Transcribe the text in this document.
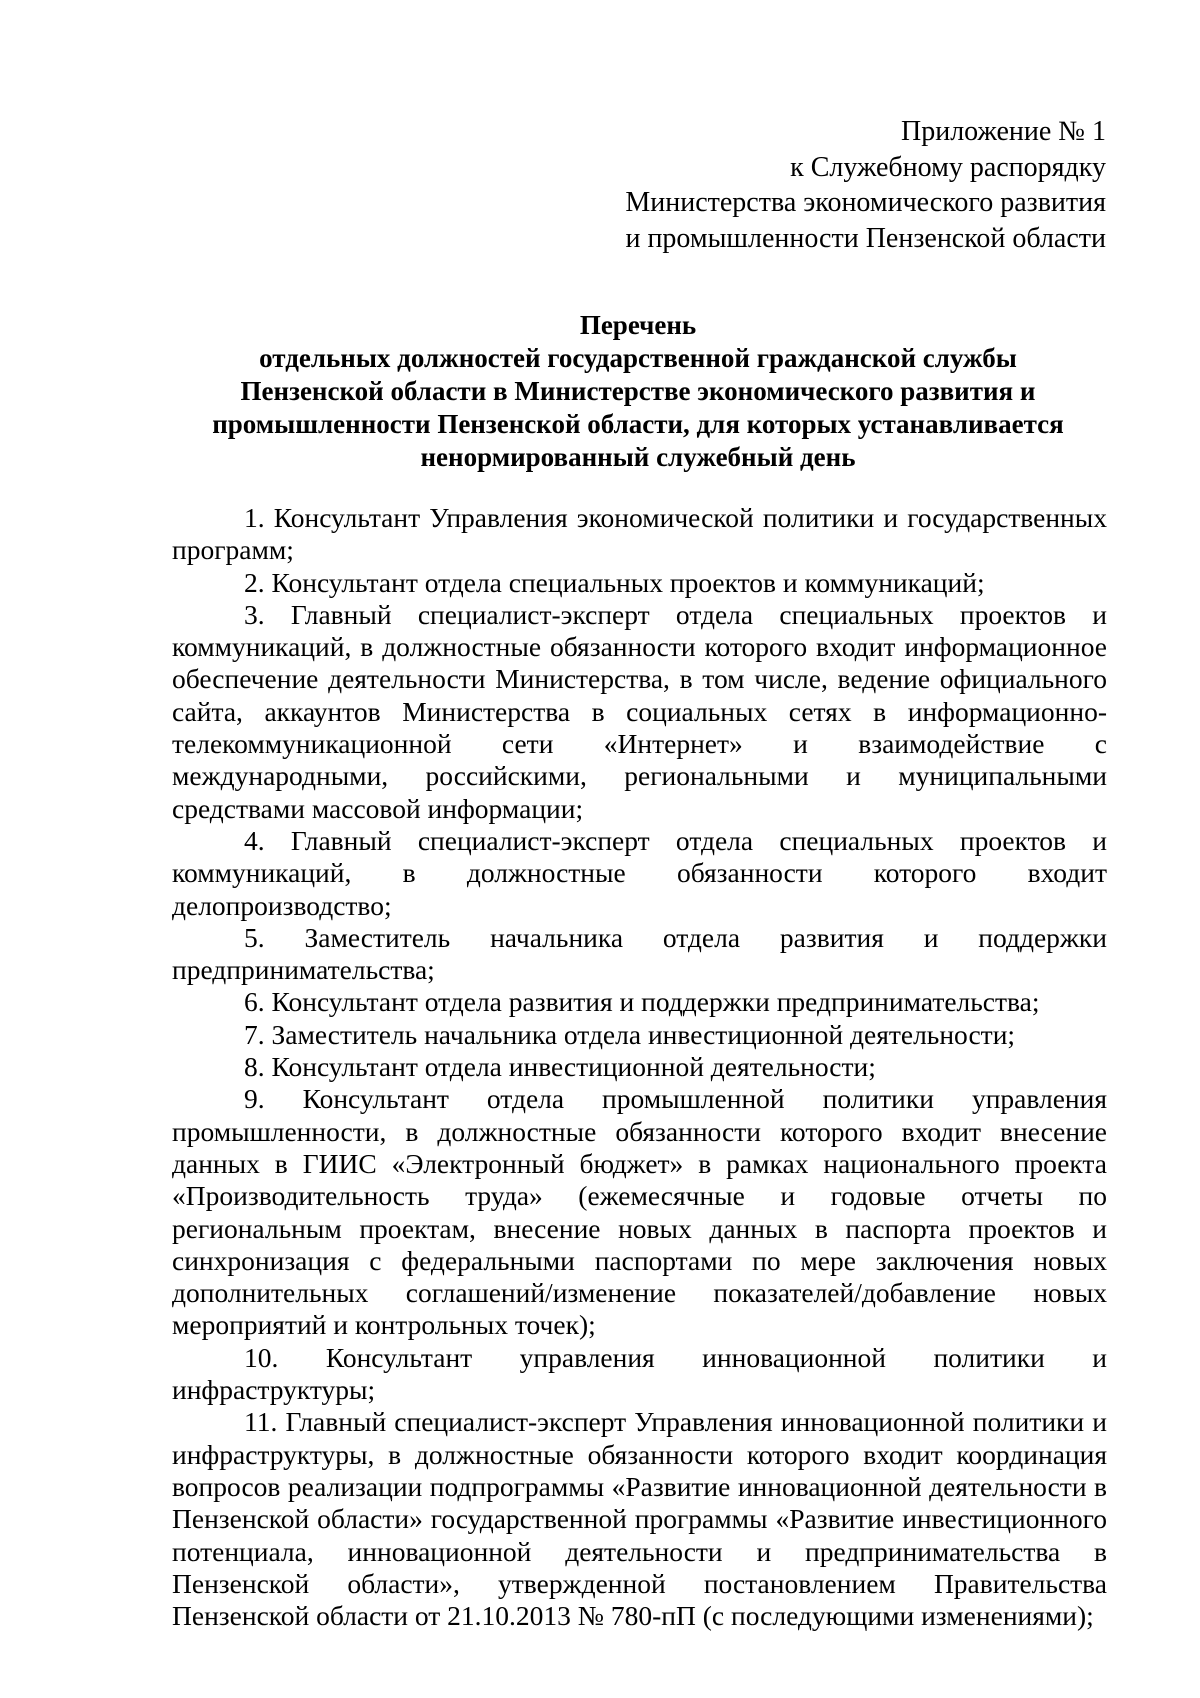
Приложение № 1
к Служебному распорядку
Министерства экономического развития
и промышленности Пензенской области
Перечень
отдельных должностей государственной гражданской службы
Пензенской области в Министерстве экономического развития и
промышленности Пензенской области, для которых устанавливается
ненормированный служебный день

1. Консультант Управления экономической политики и государственных программ;

2. Консультант отдела специальных проектов и коммуникаций;

3. Главный специалист-эксперт отдела специальных проектов и коммуникаций, в должностные обязанности которого входит информационное обеспечение деятельности Министерства, в том числе, ведение официального сайта, аккаунтов Министерства в социальных сетях в информационно-телекоммуникационной сети «Интернет» и взаимодействие с международными, российскими, региональными и муниципальными средствами массовой информации;

4. Главный специалист-эксперт отдела специальных проектов и коммуникаций, в должностные обязанности которого входит делопроизводство;

5. Заместитель начальника отдела развития и поддержки предпринимательства;

6. Консультант отдела развития и поддержки предпринимательства;

7. Заместитель начальника отдела инвестиционной деятельности;

8. Консультант отдела инвестиционной деятельности;

9. Консультант отдела промышленной политики управления промышленности, в должностные обязанности которого входит внесение данных в ГИИС «Электронный бюджет» в рамках национального проекта «Производительность труда» (ежемесячные и годовые отчеты по региональным проектам, внесение новых данных в паспорта проектов и синхронизация с федеральными паспортами по мере заключения новых дополнительных соглашений/изменение показателей/добавление новых мероприятий и контрольных точек);

10. Консультант управления инновационной политики и инфраструктуры;

11. Главный специалист-эксперт Управления инновационной политики и инфраструктуры, в должностные обязанности которого входит координация вопросов реализации подпрограммы «Развитие инновационной деятельности в Пензенской области» государственной программы «Развитие инвестиционного потенциала, инновационной деятельности и предпринимательства в Пензенской области», утвержденной постановлением Правительства Пензенской области от 21.10.2013 № 780-пП (с последующими изменениями);
